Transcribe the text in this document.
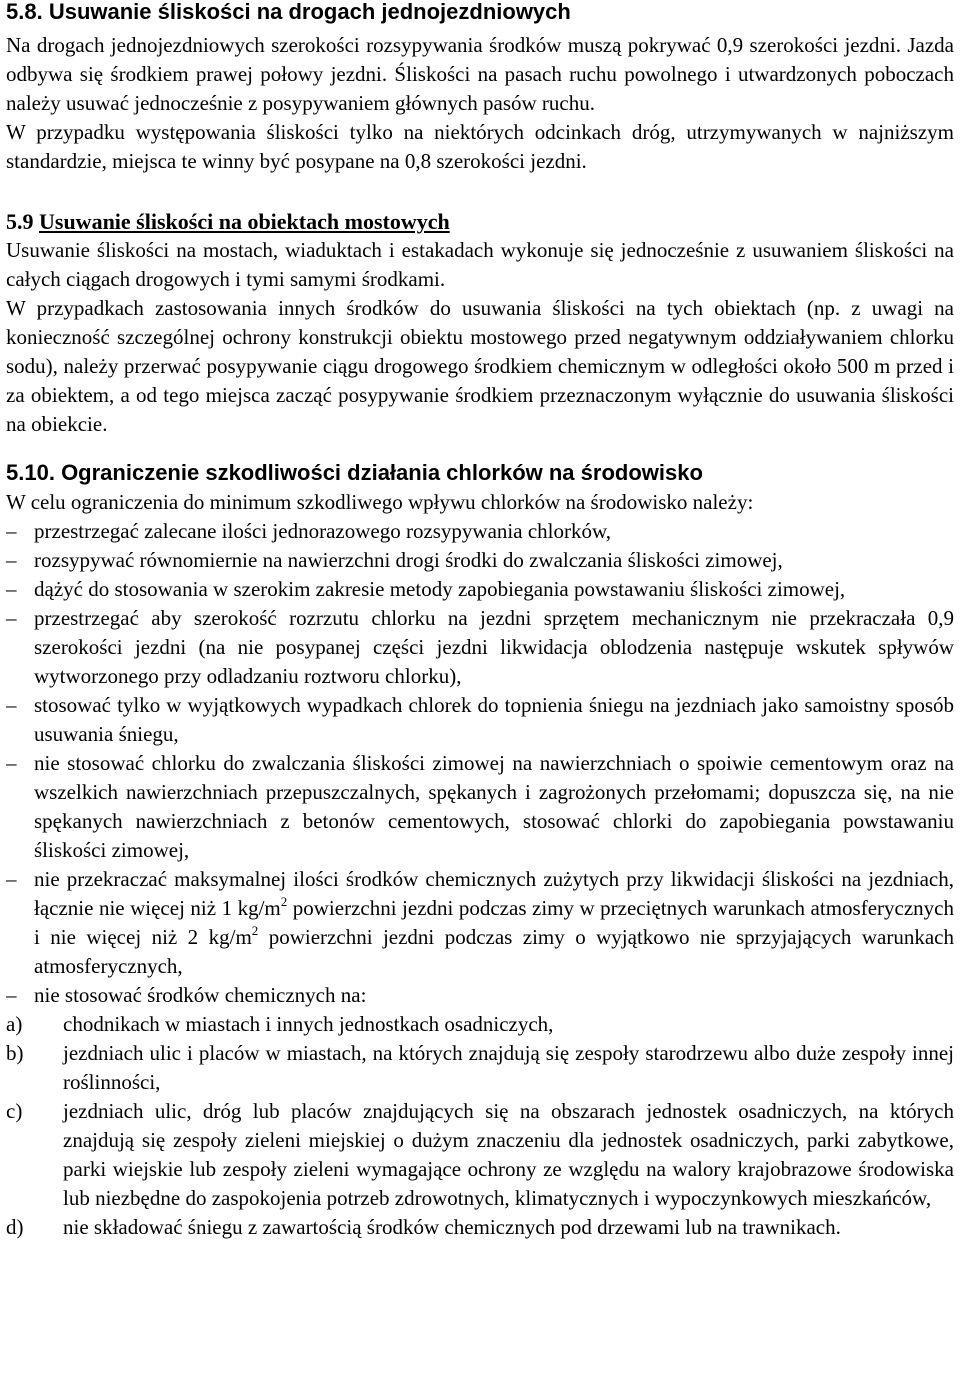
5.8. Usuwanie śliskości na drogach jednojezdniowych

Na drogach jednojezdniowych szerokości rozsypywania środków muszą pokrywać 0,9 szerokości jezdni. Jazda odbywa się środkiem prawej połowy jezdni. Śliskości na pasach ruchu powolnego i utwardzonych poboczach należy usuwać jednocześnie z posypywaniem głównych pasów ruchu.

W przypadku występowania śliskości tylko na niektórych odcinkach dróg, utrzymywanych w najniższym standardzie, miejsca te winny być posypane na 0,8 szerokości jezdni.

5.9 Usuwanie śliskości na obiektach mostowych

Usuwanie śliskości na mostach, wiaduktach i estakadach wykonuje się jednocześnie z usuwaniem śliskości na całych ciągach drogowych i tymi samymi środkami.

W przypadkach zastosowania innych środków do usuwania śliskości na tych obiektach (np. z uwagi na konieczność szczególnej ochrony konstrukcji obiektu mostowego przed negatywnym oddziaływaniem chlorku sodu), należy przerwać posypywanie ciągu drogowego środkiem chemicznym w odległości około 500 m przed i za obiektem, a od tego miejsca zacząć posypywanie środkiem przeznaczonym wyłącznie do usuwania śliskości na obiekcie.

5.10. Ograniczenie szkodliwości działania chlorków na środowisko

W celu ograniczenia do minimum szkodliwego wpływu chlorków na środowisko należy:

– przestrzegać zalecane ilości jednorazowego rozsypywania chlorków,
– rozsypywać równomiernie na nawierzchni drogi środki do zwalczania śliskości zimowej,
– dążyć do stosowania w szerokim zakresie metody zapobiegania powstawaniu śliskości zimowej,
– przestrzegać aby szerokość rozrzutu chlorku na jezdni sprzętem mechanicznym nie przekraczała 0,9 szerokości jezdni (na nie posypanej części jezdni likwidacja oblodzenia następuje wskutek spływów wytworzonego przy odladzaniu roztworu chlorku),
– stosować tylko w wyjątkowych wypadkach chlorek do topnienia śniegu na jezdniach jako samoistny sposób usuwania śniegu,
– nie stosować chlorku do zwalczania śliskości zimowej na nawierzchniach o spoiwie cementowym oraz na wszelkich nawierzchniach przepuszczalnych, spękanych i zagrożonych przełomami; dopuszcza się, na nie spękanych nawierzchniach z betonów cementowych, stosować chlorki do zapobiegania powstawaniu śliskości zimowej,
– nie przekraczać maksymalnej ilości środków chemicznych zużytych przy likwidacji śliskości na jezdniach, łącznie nie więcej niż 1 $kg/m^2$ powierzchni jezdni podczas zimy w przeciętnych warunkach atmosferycznych i nie więcej niż 2 $kg/m^2$ powierzchni jezdni podczas zimy o wyjątkowo nie sprzyjających warunkach atmosferycznych,
– nie stosować środków chemicznych na:
a) chodnikach w miastach i innych jednostkach osadniczych,
b) jezdniach ulic i placów w miastach, na których znajdują się zespoły starodrzewu albo duże zespoły innej roślinności,
c) jezdniach ulic, dróg lub placów znajdujących się na obszarach jednostek osadniczych, na których znajdują się zespoły zieleni miejskiej o dużym znaczeniu dla jednostek osadniczych, parki zabytkowe, parki wiejskie lub zespoły zieleni wymagające ochrony ze względu na walory krajobrazowe środowiska lub niezbędne do zaspokojenia potrzeb zdrowotnych, klimatycznych i wypoczynkowych mieszkańców,
d) nie składować śniegu z zawartością środków chemicznych pod drzewami lub na trawnikach.
